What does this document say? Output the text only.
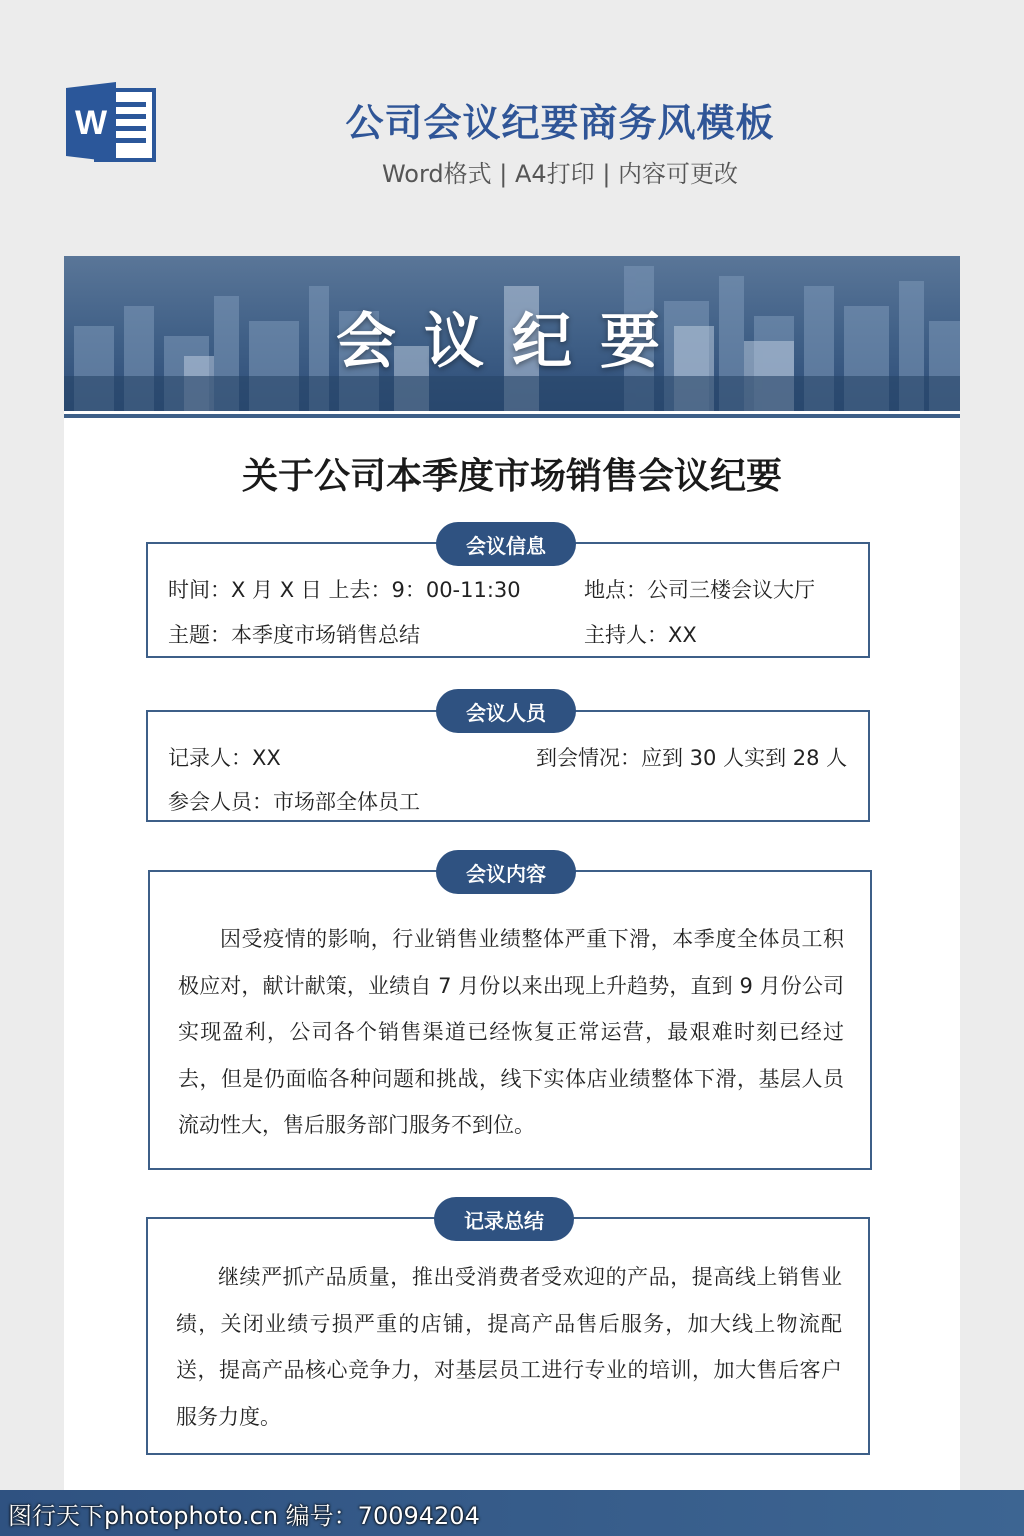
W	公司会议纪要商务风模板
Word格式 | A4打印 | 内容可更改
会议纪要
关于公司本季度市场销售会议纪要
时间：X 月 X 日 上去：9：00-11:30	地点：公司三楼会议大厅
主题：本季度市场销售总结	主持人：XX
会议信息
记录人：XX	到会情况：应到 30 人实到 28 人
参会人员：市场部全体员工
会议人员
因受疫情的影响，行业销售业绩整体严重下滑，本季度全体员工积极应对，献计献策，业绩自 7 月份以来出现上升趋势，直到 9 月份公司实现盈利，公司各个销售渠道已经恢复正常运营，最艰难时刻已经过去，但是仍面临各种问题和挑战，线下实体店业绩整体下滑，基层人员流动性大，售后服务部门服务不到位。
会议内容
继续严抓产品质量，推出受消费者受欢迎的产品，提高线上销售业绩，关闭业绩亏损严重的店铺，提高产品售后服务，加大线上物流配送，提高产品核心竞争力，对基层员工进行专业的培训，加大售后客户服务力度。
记录总结
图行天下photophoto.cn 编号：70094204
